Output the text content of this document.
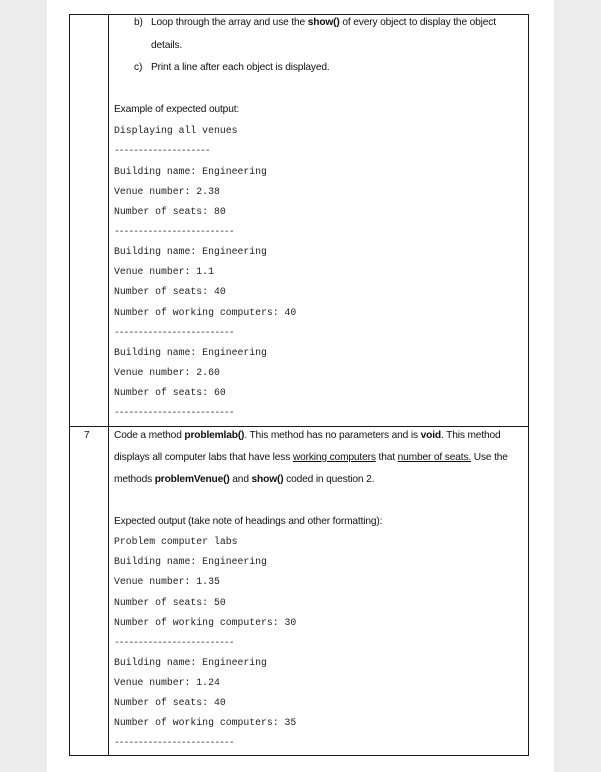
b) Loop through the array and use the show() of every object to display the object
details.
c) Print a line after each object is displayed.
Example of expected output:
Displaying all venues
--------------------
Building name: Engineering
Venue number: 2.38
Number of seats: 80
-------------------------
Building name: Engineering
Venue number: 1.1
Number of seats: 40
Number of working computers: 40
-------------------------
Building name: Engineering
Venue number: 2.60
Number of seats: 60
-------------------------
7 Code a method problemlab(). This method has no parameters and is void. This method
displays all computer labs that have less working computers that number of seats. Use the
methods problemVenue() and show() coded in question 2.
Expected output (take note of headings and other formatting):
Problem computer labs
Building name: Engineering
Venue number: 1.35
Number of seats: 50
Number of working computers: 30
-------------------------
Building name: Engineering
Venue number: 1.24
Number of seats: 40
Number of working computers: 35
-------------------------
